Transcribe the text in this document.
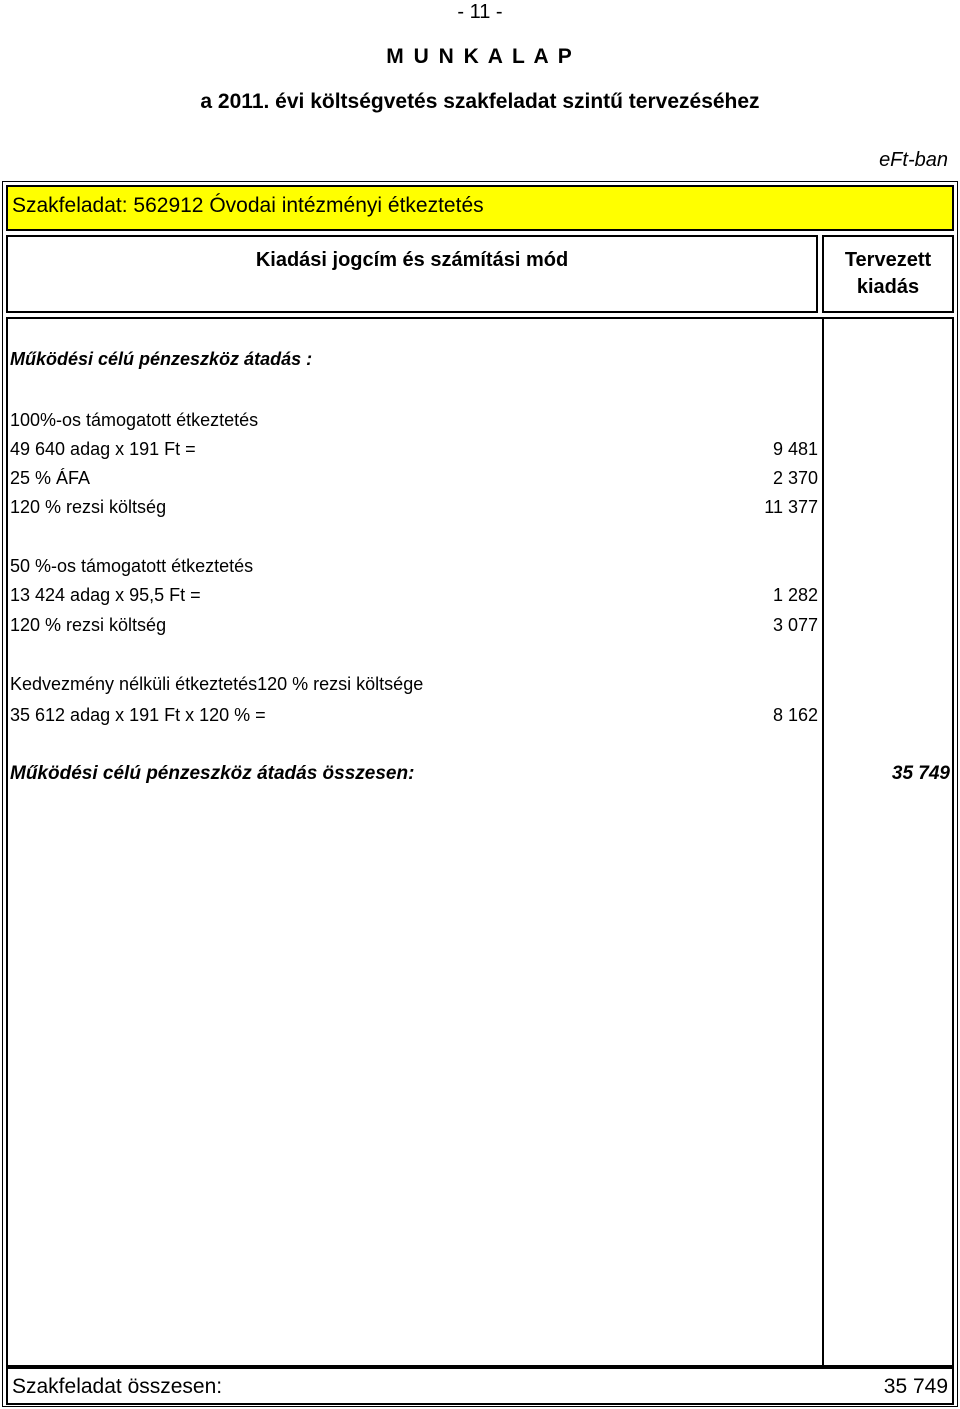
- 11 -
M U N K A L A P
a 2011. évi költségvetés szakfeladat szintű tervezéséhez
eFt-ban
Szakfeladat: 562912 Óvodai intézményi étkeztetés
Kiadási jogcím és számítási mód	Tervezett kiadás
Működési célú pénzeszköz átadás :
100%-os támogatott étkeztetés
49 640 adag x 191 Ft =	9 481
25 % ÁFA	2 370
120 % rezsi költség	11 377
50 %-os támogatott étkeztetés
13 424 adag x 95,5 Ft =	1 282
120 % rezsi költség	3 077
Kedvezmény nélküli étkeztetés120 % rezsi költsége
35 612 adag x 191 Ft x 120 % =	8 162
Működési célú pénzeszköz átadás összesen:	35 749
Szakfeladat összesen:	35 749
